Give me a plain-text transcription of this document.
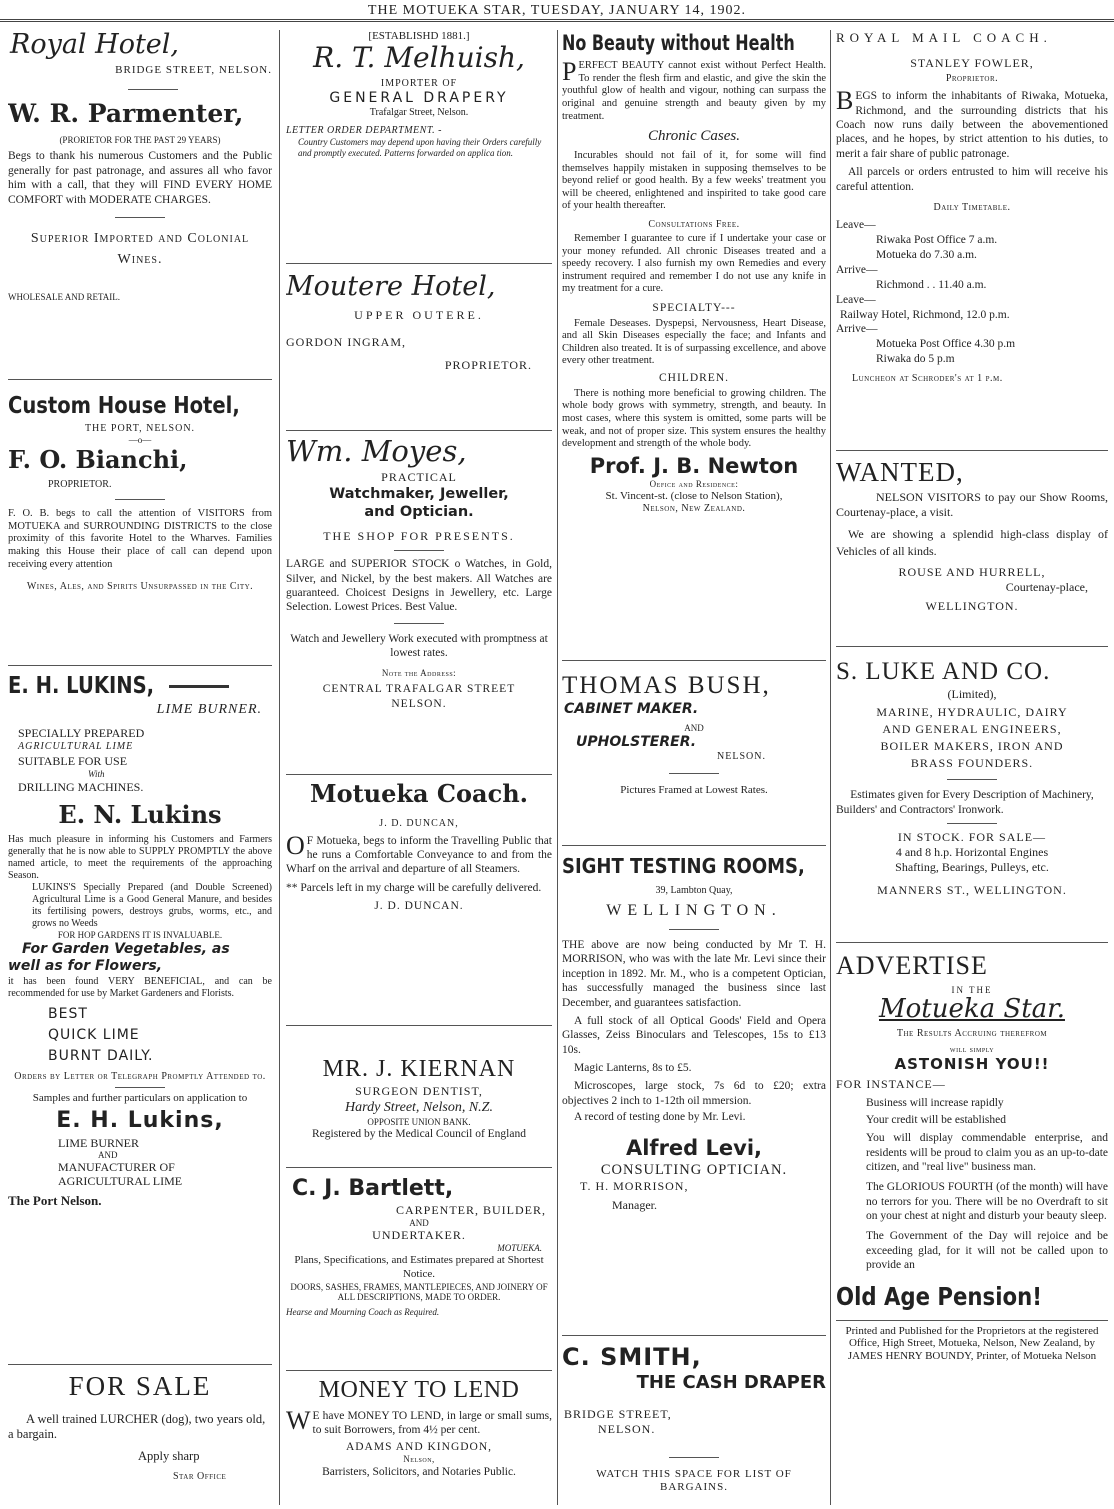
THE MOTUEKA STAR, TUESDAY, JANUARY 14, 1902.
Royal Hotel,
BRIDGE STREET, NELSON.
W. R. Parmenter,
(PRORIETOR FOR THE PAST 29 YEARS)

Begs to thank his numerous Customers and the Public generally for past patronage, and assures all who favor him with a call, that they will FIND EVERY HOME COMFORT with MODERATE CHARGES.

Superior Imported and Colonial Wines.
WHOLESALE AND RETAIL.
Custom House Hotel,
THE PORT, NELSON.
—o—
F. O. Bianchi,
PROPRIETOR.

F. O. B. begs to call the attention of VISITORS from MOTUEKA and SURROUNDING DISTRICTS to the close proximity of this favorite Hotel to the Wharves. Families making this House their place of call can depend upon receiving every attention

Wines, Ales, and Spirits Unsurpassed in the City.
E. H. LUKINS,
LIME BURNER.
SPECIALLY PREPARED
AGRICULTURAL LIME
SUITABLE FOR USE
With
DRILLING MACHINES.
E. N. Lukins

Has much pleasure in informing his Customers and Farmers generally that he is now able to SUPPLY PROMPTLY the above named article, to meet the requirements of the approaching Season.

LUKINS'S Specially Prepared (and Double Screened) Agricultural Lime is a Good General Manure, and besides its fertilising powers, destroys grubs, worms, etc., and grows no Weeds

FOR HOP GARDENS IT IS INVALUABLE.
For Garden Vegetables, as
well as for Flowers,

it has been found VERY BENEFICIAL, and can be recommended for use by Market Gardeners and Florists.

BEST
QUICK LIME
BURNT DAILY.
Orders by Letter or Telegraph Promptly Attended to.

Samples and further particulars on application to

E. H. Lukins,
LIME BURNER
AND
MANUFACTURER OF
AGRICULTURAL LIME
The Port Nelson.
FOR SALE

A well trained LURCHER (dog), two years old, a bargain.

Apply sharp
Star Office
[ESTABLISHD 1881.]
R. T. Melhuish,
IMPORTER OF
GENERAL DRAPERY
Trafalgar Street, Nelson.
LETTER ORDER DEPARTMENT. -

Country Customers may depend upon having their Orders carefully and promptly executed. Patterns forwarded on applica tion.

Moutere Hotel,
UPPER OUTERE.
GORDON INGRAM,
PROPRIETOR.
Wm. Moyes,
PRACTICAL
Watchmaker, Jeweller,
and Optician.
THE SHOP FOR PRESENTS.

LARGE and SUPERIOR STOCK o Watches, in Gold, Silver, and Nickel, by the best makers. All Watches are guaranteed. Choicest Designs in Jewellery, etc. Large Selection. Lowest Prices. Best Value.

Watch and Jewellery Work executed with promptness at lowest rates.

Note the Address:
CENTRAL TRAFALGAR STREET
NELSON.
Motueka Coach.
J. D. DUNCAN,

OF Motueka, begs to inform the Travelling Public that he runs a Comfortable Conveyance to and from the Wharf on the arrival and departure of all Steamers.

** Parcels left in my charge will be carefully delivered.

J. D. DUNCAN.
MR. J. KIERNAN
SURGEON DENTIST,
Hardy Street, Nelson, N.Z.
OPPOSITE UNION BANK.

Registered by the Medical Council of England

C. J. Bartlett,
CARPENTER, BUILDER,
AND
UNDERTAKER.
MOTUEKA.

Plans, Specifications, and Estimates prepared at Shortest Notice.

DOORS, SASHES, FRAMES, MANTLEPIECES, AND JOINERY OF ALL DESCRIPTIONS, MADE TO ORDER.

Hearse and Mourning Coach as Required.
MONEY TO LEND

WE have MONEY TO LEND, in large or small sums, to suit Borrowers, from 4½ per cent.

ADAMS AND KINGDON,
Nelson,

Barristers, Solicitors, and Notaries Public.

No Beauty without Health

PERFECT BEAUTY cannot exist without Perfect Health. To render the flesh firm and elastic, and give the skin the youthful glow of health and vigour, nothing can surpass the original and genuine strength and beauty given by my treatment.

Chronic Cases.

Incurables should not fail of it, for some will find themselves happily mistaken in supposing themselves to be beyond relief or good health. By a few weeks' treatment you will be cheered, enlightened and inspirited to take good care of your health thereafter.

Consultations Free.

Remember I guarantee to cure if I undertake your case or your money refunded. All chronic Diseases treated and a speedy recovery. I also furnish my own Remedies and every instrument required and remember I do not use any knife in my treatment for a cure.

SPECIALTY---

Female Deseases. Dyspepsi, Nervousness, Heart Disease, and all Skin Diseases especially the face; and Infants and Children also treated. It is of surpassing excellence, and above every other treatment.

CHILDREN.

There is nothing more beneficial to growing children. The whole body grows with symmetry, strength, and beauty. In most cases, where this system is omitted, some parts will be weak, and not of proper size. This system ensures the healthy development and strength of the whole body.

Prof. J. B. Newton
Oefice and Residence:
St. Vincent-st. (close to Nelson Station),
Nelson, New Zealand.
THOMAS BUSH,
CABINET MAKER.
AND
UPHOLSTERER.
NELSON.
Pictures Framed at Lowest Rates.
SIGHT TESTING ROOMS,
39, Lambton Quay,
WELLINGTON.

THE above are now being conducted by Mr T. H. MORRISON, who was with the late Mr. Levi since their inception in 1892. Mr. M., who is a competent Optician, has successfully managed the business since last December, and guarantees satisfaction.

A full stock of all Optical Goods' Field and Opera Glasses, Zeiss Binoculars and Telescopes, 15s to £13 10s.

Magic Lanterns, 8s to £5.

Microscopes, large stock, 7s 6d to £20; extra objectives 2 inch to 1-12th oil mmersion.

A record of testing done by Mr. Levi.

Alfred Levi,
CONSULTING OPTICIAN.
T. H. MORRISON,
Manager.
C. SMITH,
THE CASH DRAPER
BRIDGE STREET,
NELSON.

WATCH THIS SPACE FOR LIST OF BARGAINS.

ROYAL MAIL COACH.
STANLEY FOWLER,
Proprietor.

BEGS to inform the inhabitants of Riwaka, Motueka, Richmond, and the surrounding districts that his Coach now runs daily between the abovementioned places, and he hopes, by strict attention to his duties, to merit a fair share of public patronage.

All parcels or orders entrusted to him will receive his careful attention.

Daily Timetable.
Leave—
Riwaka Post Office 7 a.m.
Motueka do 7.30 a.m.
Arrive—
Richmond . . 11.40 a.m.
Leave—
Railway Hotel, Richmond, 12.0 p.m.
Arrive—
Motueka Post Office 4.30 p.m
Riwaka do 5 p.m
Luncheon at Schroder's at 1 p.m.
WANTED,

NELSON VISITORS to pay our Show Rooms, Courtenay-place, a visit.

We are showing a splendid high-class display of Vehicles of all kinds.

ROUSE AND HURRELL,
Courtenay-place,
WELLINGTON.
S. LUKE AND CO.
(Limited),
MARINE, HYDRAULIC, DAIRY
AND GENERAL ENGINEERS,
BOILER MAKERS, IRON AND
BRASS FOUNDERS.

Estimates given for Every Description of Machinery,

Builders' and Contractors' Ironwork.
IN STOCK. FOR SALE—
4 and 8 h.p. Horizontal Engines
Shafting, Bearings, Pulleys, etc.
MANNERS ST., WELLINGTON.
ADVERTISE
IN THE
Motueka Star.
The Results Accruing therefrom
will simply
ASTONISH YOU!!
FOR INSTANCE—
Business will increase rapidly
Your credit will be established

You will display commendable enterprise, and residents will be proud to claim you as an up-to-date citizen, and "real live" business man.

The GLORIOUS FOURTH (of the month) will have no terrors for you. There will be no Overdraft to sit on your chest at night and disturb your beauty sleep.

The Government of the Day will rejoice and be exceeding glad, for it will not be called upon to provide an

Old Age Pension!

Printed and Published for the Proprietors at the registered Office, High Street, Motueka, Nelson, New Zealand, by JAMES HENRY BOUNDY, Printer, of Motueka Nelson
